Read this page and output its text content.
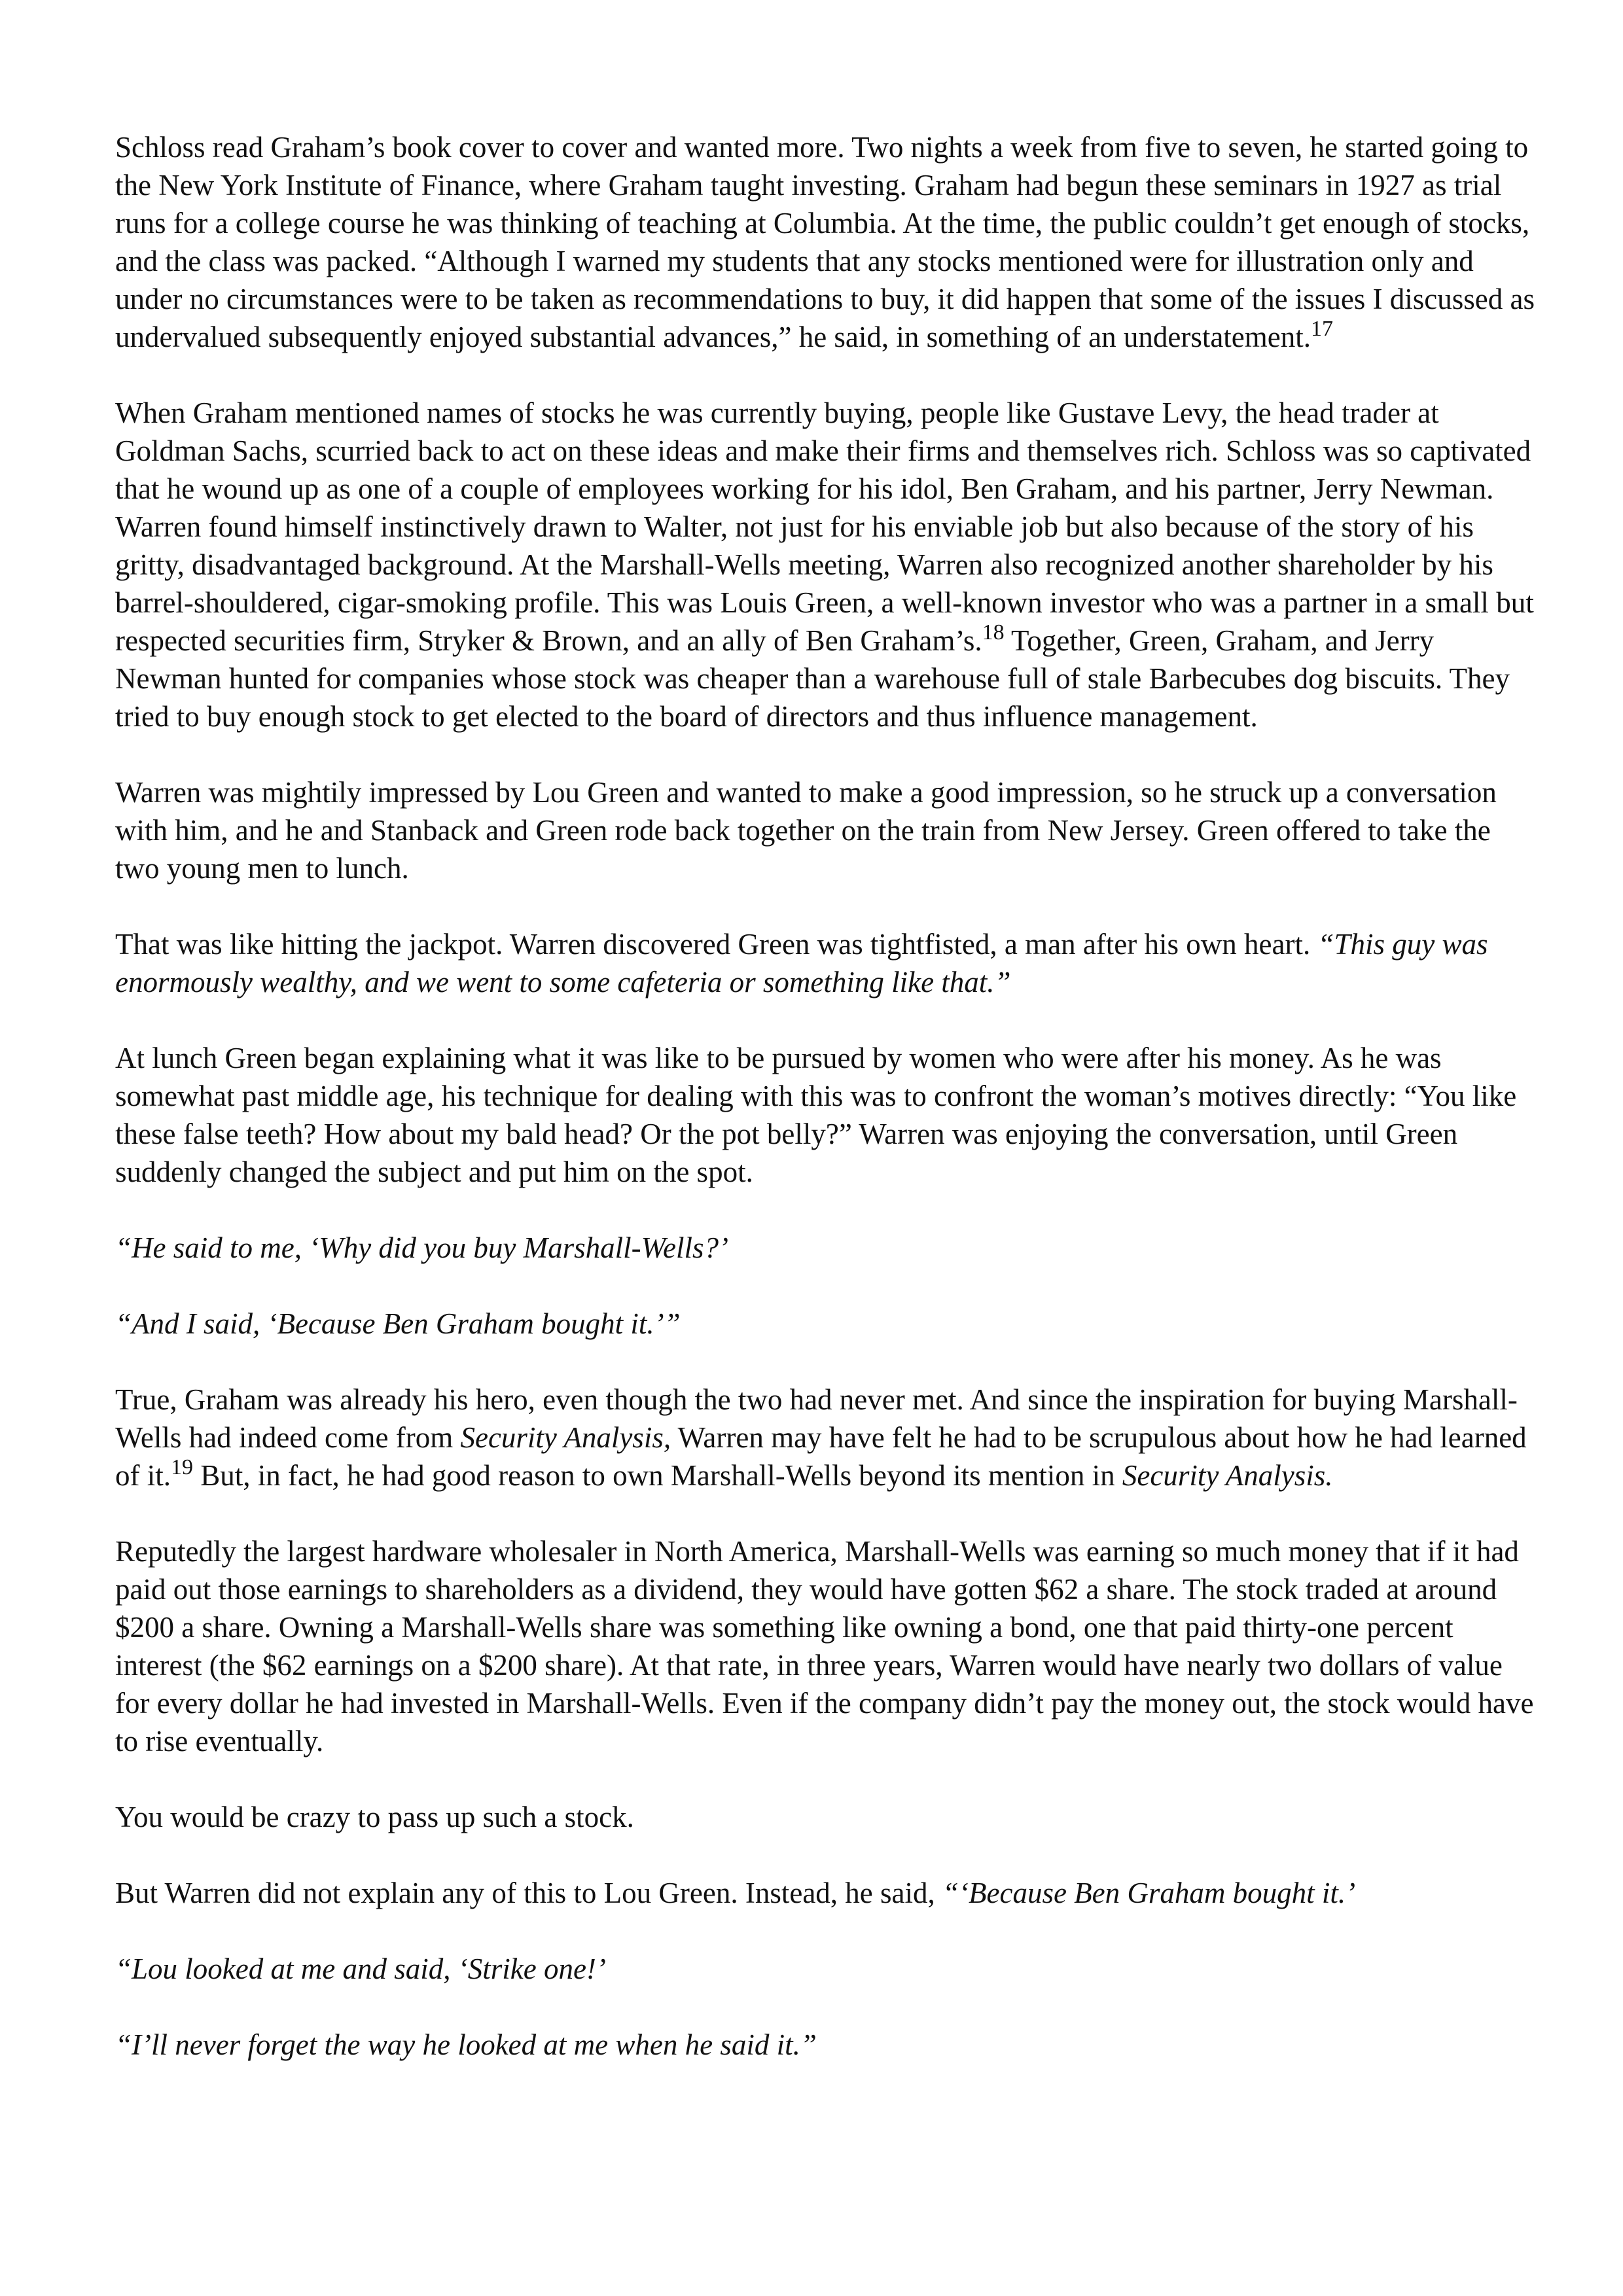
Schloss read Graham’s book cover to cover and wanted more. Two nights a week from five to seven, he started going to the New York Institute of Finance, where Graham taught investing. Graham had begun these seminars in 1927 as trial runs for a college course he was thinking of teaching at Columbia. At the time, the public couldn’t get enough of stocks, and the class was packed. “Although I warned my students that any stocks mentioned were for illustration only and under no circumstances were to be taken as recommendations to buy, it did happen that some of the issues I discussed as undervalued subsequently enjoyed substantial advances,” he said, in something of an understatement.$^{17}$

When Graham mentioned names of stocks he was currently buying, people like Gustave Levy, the head trader at Goldman Sachs, scurried back to act on these ideas and make their firms and themselves rich. Schloss was so captivated that he wound up as one of a couple of employees working for his idol, Ben Graham, and his partner, Jerry Newman. Warren found himself instinctively drawn to Walter, not just for his enviable job but also because of the story of his gritty, disadvantaged background. At the Marshall-Wells meeting, Warren also recognized another shareholder by his barrel-shouldered, cigar-smoking profile. This was Louis Green, a well-known investor who was a partner in a small but respected securities firm, Stryker & Brown, and an ally of Ben Graham’s.$^{18}$ Together, Green, Graham, and Jerry Newman hunted for companies whose stock was cheaper than a warehouse full of stale Barbecubes dog biscuits. They tried to buy enough stock to get elected to the board of directors and thus influence management.

Warren was mightily impressed by Lou Green and wanted to make a good impression, so he struck up a conversation with him, and he and Stanback and Green rode back together on the train from New Jersey. Green offered to take the two young men to lunch.

That was like hitting the jackpot. Warren discovered Green was tightfisted, a man after his own heart. “This guy was enormously wealthy, and we went to some cafeteria or something like that.”

At lunch Green began explaining what it was like to be pursued by women who were after his money. As he was somewhat past middle age, his technique for dealing with this was to confront the woman’s motives directly: “You like these false teeth? How about my bald head? Or the pot belly?” Warren was enjoying the conversation, until Green suddenly changed the subject and put him on the spot.

“He said to me, ‘Why did you buy Marshall-Wells?’

“And I said, ‘Because Ben Graham bought it.’”

True, Graham was already his hero, even though the two had never met. And since the inspiration for buying Marshall-Wells had indeed come from Security Analysis, Warren may have felt he had to be scrupulous about how he had learned of it.$^{19}$ But, in fact, he had good reason to own Marshall-Wells beyond its mention in Security Analysis.

Reputedly the largest hardware wholesaler in North America, Marshall-Wells was earning so much money that if it had paid out those earnings to shareholders as a dividend, they would have gotten $62 a share. The stock traded at around $200 a share. Owning a Marshall-Wells share was something like owning a bond, one that paid thirty-one percent interest (the $62 earnings on a $200 share). At that rate, in three years, Warren would have nearly two dollars of value for every dollar he had invested in Marshall-Wells. Even if the company didn’t pay the money out, the stock would have to rise eventually.

You would be crazy to pass up such a stock.

But Warren did not explain any of this to Lou Green. Instead, he said, “‘Because Ben Graham bought it.’

“Lou looked at me and said, ‘Strike one!’

“I’ll never forget the way he looked at me when he said it.”
